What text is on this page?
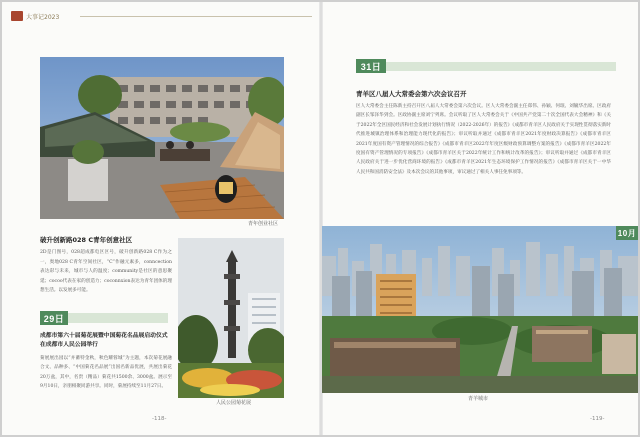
大事记2023
青年创业社区
破升创新路028 C青年创意社区
2D是门图号，028超成都电区区号，破升创新路028 C作为之一，奥地028 C青年空间社区，“C”作融元素多，conncection表达彩与未来，城市与人的温度；community是社区的意思聚延；cocoo代表在家的创造力；coconnxion表达为青年团体的理想生活。以发展多可能。
29日
成都市第六十届菊花展暨中国菊花名品展启动仪式在成都市人民公园举行
菊展展出园以“并蓄特金秋，秋色耀蓉城”为主题，本次菊花展融合文、品种多、“中国菊花名品展”出国名新品优展，共展出菊花20万盆，其中，名贵（精品）菊花共1500余、3000盆。展示至9月10日，亲朋相聚同游共享。同时，菊展持续至11月27日。
人民公园菊花展
-118-
31日
青羊区八届人大常委会第六次会议召开
区人大常委会主任陈新主持召开区八届人大常委会第六次会议。区人大常委会副主任郑伟、孙颖、何珉、刘毓华出席。区政府副区长邹泽华到会。区政协副主席刘宁列席。会议听取了区人大常委会关于《中国共产党第二十次全国代表大会精神》和《关于2022年全区国民经济和社会发展计划执行情况（2022-2026年）的报告》《成都市青羊区人民政府关于实现性贯彻落实新时代推进城镇治理体系和治理能力现代化的报告》；审议听取并通过《成都市青羊区2021年度财政决算报告》《成都市青羊区2021年度国有资产管理情况的综合报告》《成都市青羊区2022年年度区级财政预算调整方案的报告》《成都市青羊区2022年度国有资产管理情况的专项报告》《成都市青羊区关于2022年统计工作和统计改革的报告》；审议听取并通过《成都市青羊区人民政府关于进一步优化营商环境的报告》《成都市青羊区2021年生态环境保护工作情况的报告》《成都市青羊区关于一中华人民共和国消防安全法》及本次会议的其他事项，审议通过了相关人事任免事项等。
青羊城市
10月
-119-
